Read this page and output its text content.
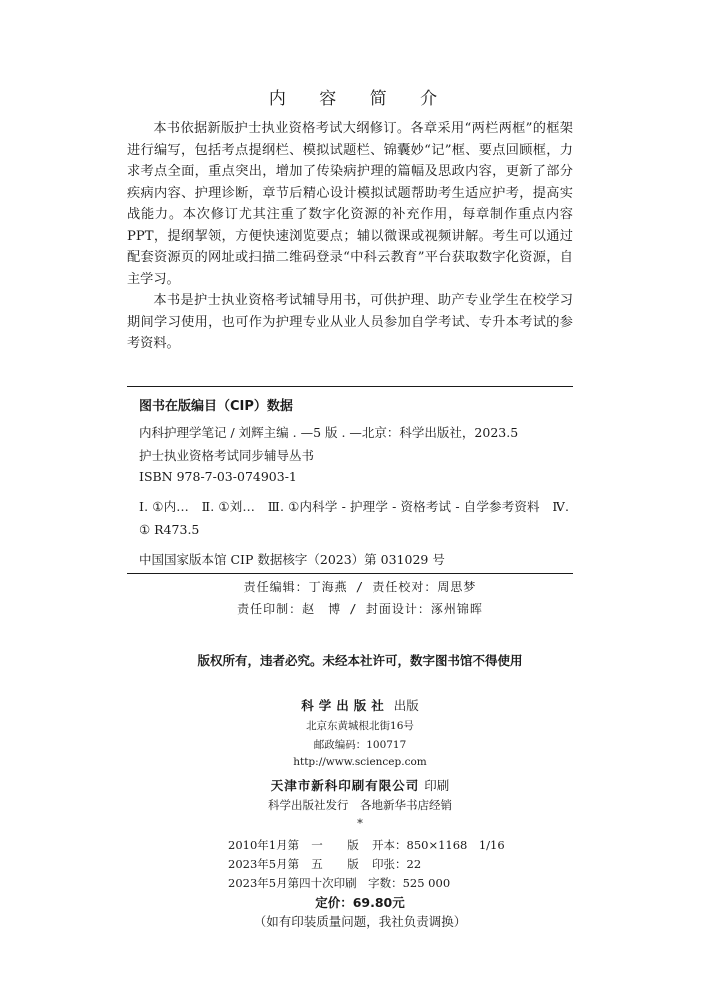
内 容 简 介

本书依据新版护士执业资格考试大纲修订。各章采用“两栏两框”的框架进行编写，包括考点提纲栏、模拟试题栏、锦囊妙“记”框、要点回顾框，力求考点全面，重点突出，增加了传染病护理的篇幅及思政内容，更新了部分疾病内容、护理诊断，章节后精心设计模拟试题帮助考生适应护考，提高实战能力。本次修订尤其注重了数字化资源的补充作用，每章制作重点内容PPT，提纲挈领，方便快速浏览要点；辅以微课或视频讲解。考生可以通过配套资源页的网址或扫描二维码登录“中科云教育”平台获取数字化资源，自主学习。

本书是护士执业资格考试辅导用书，可供护理、助产专业学生在校学习期间学习使用，也可作为护理专业从业人员参加自学考试、专升本考试的参考资料。

图书在版编目（CIP）数据
内科护理学笔记 / 刘辉主编 . —5 版 . —北京：科学出版社，2023.5
护士执业资格考试同步辅导丛书
ISBN 978-7-03-074903-1
Ⅰ. ①内…　Ⅱ. ①刘…　Ⅲ. ①内科学 - 护理学 - 资格考试 - 自学参考资料　Ⅳ. ① R473.5
中国国家版本馆 CIP 数据核字（2023）第 031029 号
责任编辑：丁海燕 / 责任校对：周思梦
责任印制：赵　博 / 封面设计：涿州锦晖
版权所有，违者必究。未经本社许可，数字图书馆不得使用
科学出版社 出版
北京东黄城根北街16号
邮政编码：100717
http://www.sciencep.com
天津市新科印刷有限公司 印刷
科学出版社发行　各地新华书店经销
*
2010年1月第 一 版 开本：850×1168　1/16
2023年5月第 五 版 印张：22
2023年5月第四十次印刷　字数：525 000
定价：69.80元
（如有印装质量问题，我社负责调换）
